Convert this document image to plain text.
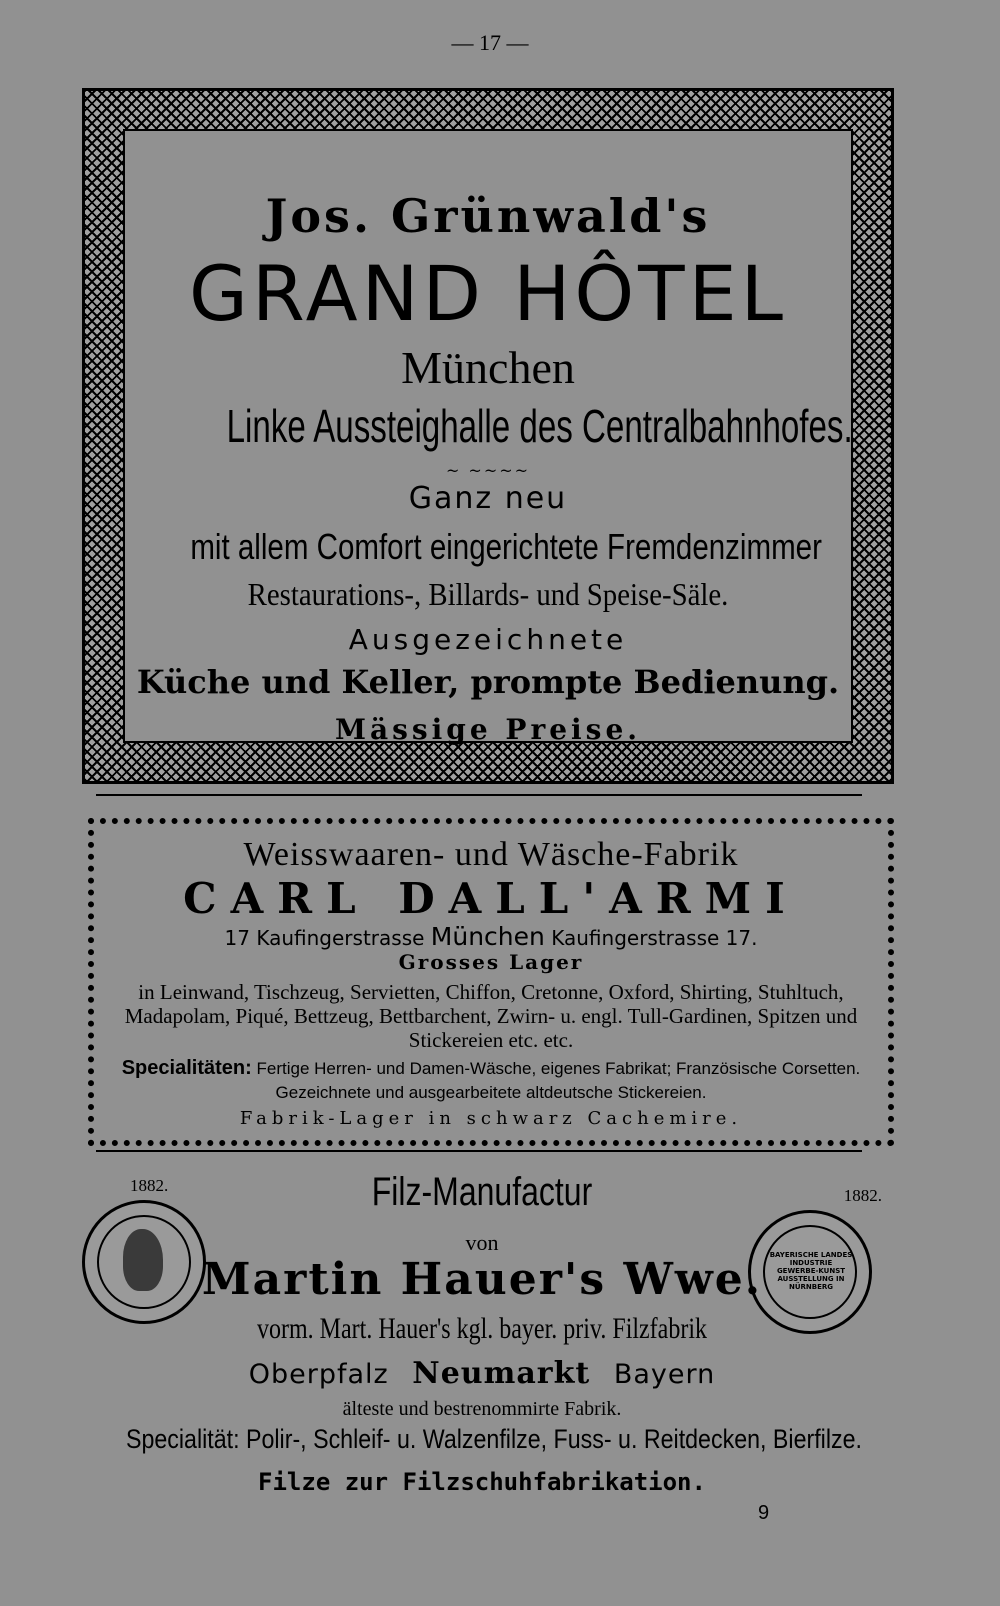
— 17 —
Jos. Grünwald's
GRAND HÔTEL
München
Linke Aussteighalle des Centralbahnhofes.
~ ~~~~
Ganz neu
mit allem Comfort eingerichtete Fremdenzimmer
Restaurations-, Billards- und Speise-Säle.
Ausgezeichnete
Küche und Keller, prompte Bedienung.
Mässige Preise.
Weisswaaren- und Wäsche-Fabrik
CARL DALL'ARMI
17 Kaufingerstrasse München Kaufingerstrasse 17.
Grosses Lager
in Leinwand, Tischzeug, Servietten, Chiffon, Cretonne, Oxford, Shirting, Stuhltuch, Madapolam, Piqué, Bettzeug, Bettbarchent, Zwirn- u. engl. Tull-Gardinen, Spitzen und Stickereien etc. etc.
Specialitäten: Fertige Herren- und Damen-Wäsche, eigenes Fabrikat; Französische Corsetten. Gezeichnete und ausgearbeitete altdeutsche Stickereien.
Fabrik-Lager in schwarz Cachemire.
1882.
1882.
BAYERISCHE LANDES INDUSTRIE GEWERBE-KUNST AUSSTELLUNG IN NÜRNBERG
Filz-Manufactur
von
Martin Hauer's Wwe.
vorm. Mart. Hauer's kgl. bayer. priv. Filzfabrik
Oberpfalz Neumarkt Bayern
älteste und bestrenommirte Fabrik.
Specialität: Polir-, Schleif- u. Walzenfilze, Fuss- u. Reitdecken, Bierfilze.
Filze zur Filzschuhfabrikation.
9
